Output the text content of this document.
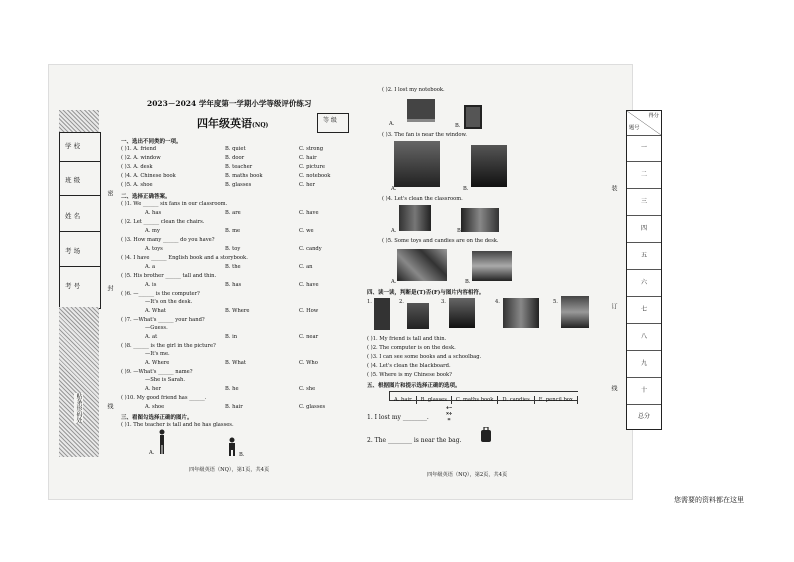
学 校
班 级
姓 名
考 场
考 号
贴条形码处
密
封
线
2023－2024 学年度第一学期小学等级评价练习
四年级英语(NQ)
等 级
一、选出不同类的一项。
( )1. A. friend	B. quiet	C. strong
( )2. A. window	B. door	C. hair
( )3. A. desk	B. teacher	C. picture
( )4. A. Chinese book	B. maths book	C. notebook
( )5. A. shoe	B. glasses	C. her
二、选择正确答案。
( )1. We ______ six fans in our classroom.
A. has	B. are	C. have
( )2. Let ______ clean the chairs.
A. my	B. me	C. we
( )3. How many ______ do you have?
A. toys	B. toy	C. candy
( )4. I have ______ English book and a storybook.
A. a	B. the	C. an
( )5. His brother ______ tall and thin.
A. is	B. has	C. have
( )6. —______ is the computer?
—It's on the desk.
A. What	B. Where	C. How
( )7. —What's ______ your hand?
—Guess.
A. at	B. in	C. near
( )8. ______ is the girl in the picture?
—It's me.
A. Where	B. What	C. Who
( )9. —What's ______ name?
—She is Sarah.
A. her	B. he	C. she
( )10. My good friend has ______.
A. shoe	B. hair	C. glasses
三、看图勾选择正确的图片。
( )1. The teacher is tall and he has glasses.
A.	B.
四年级英语（NQ），第1页，共4页
( )2. I lost my notebook.
A.	B.
( )3. The fan is near the window.
A.	B.
( )4. Let's clean the classroom.
A.	B.
( )5. Some toys and candies are on the desk.
A.	B.
四、读一读，判断是(T)否(F)与图片内容相符。
1.	2.	3.	4.	5.
( )1. My friend is tall and thin.
( )2. The computer is on the desk.
( )3. I can see some books and a schoolbag.
( )4. Let's clean the blackboard.
( )5. Where is my Chinese book?
五、根据图片和提示选择正确的选项。
A. hair B. glasses C. maths book D. candies E. pencil box
1. I lost my ________.
+−
×÷
=
2. The ________ is near the bag.
四年级英语（NQ），第2页，共4页
装
订
线
得分
题号
一
二
三
四
五
六
七
八
九
十
总分
您需要的资料都在这里
